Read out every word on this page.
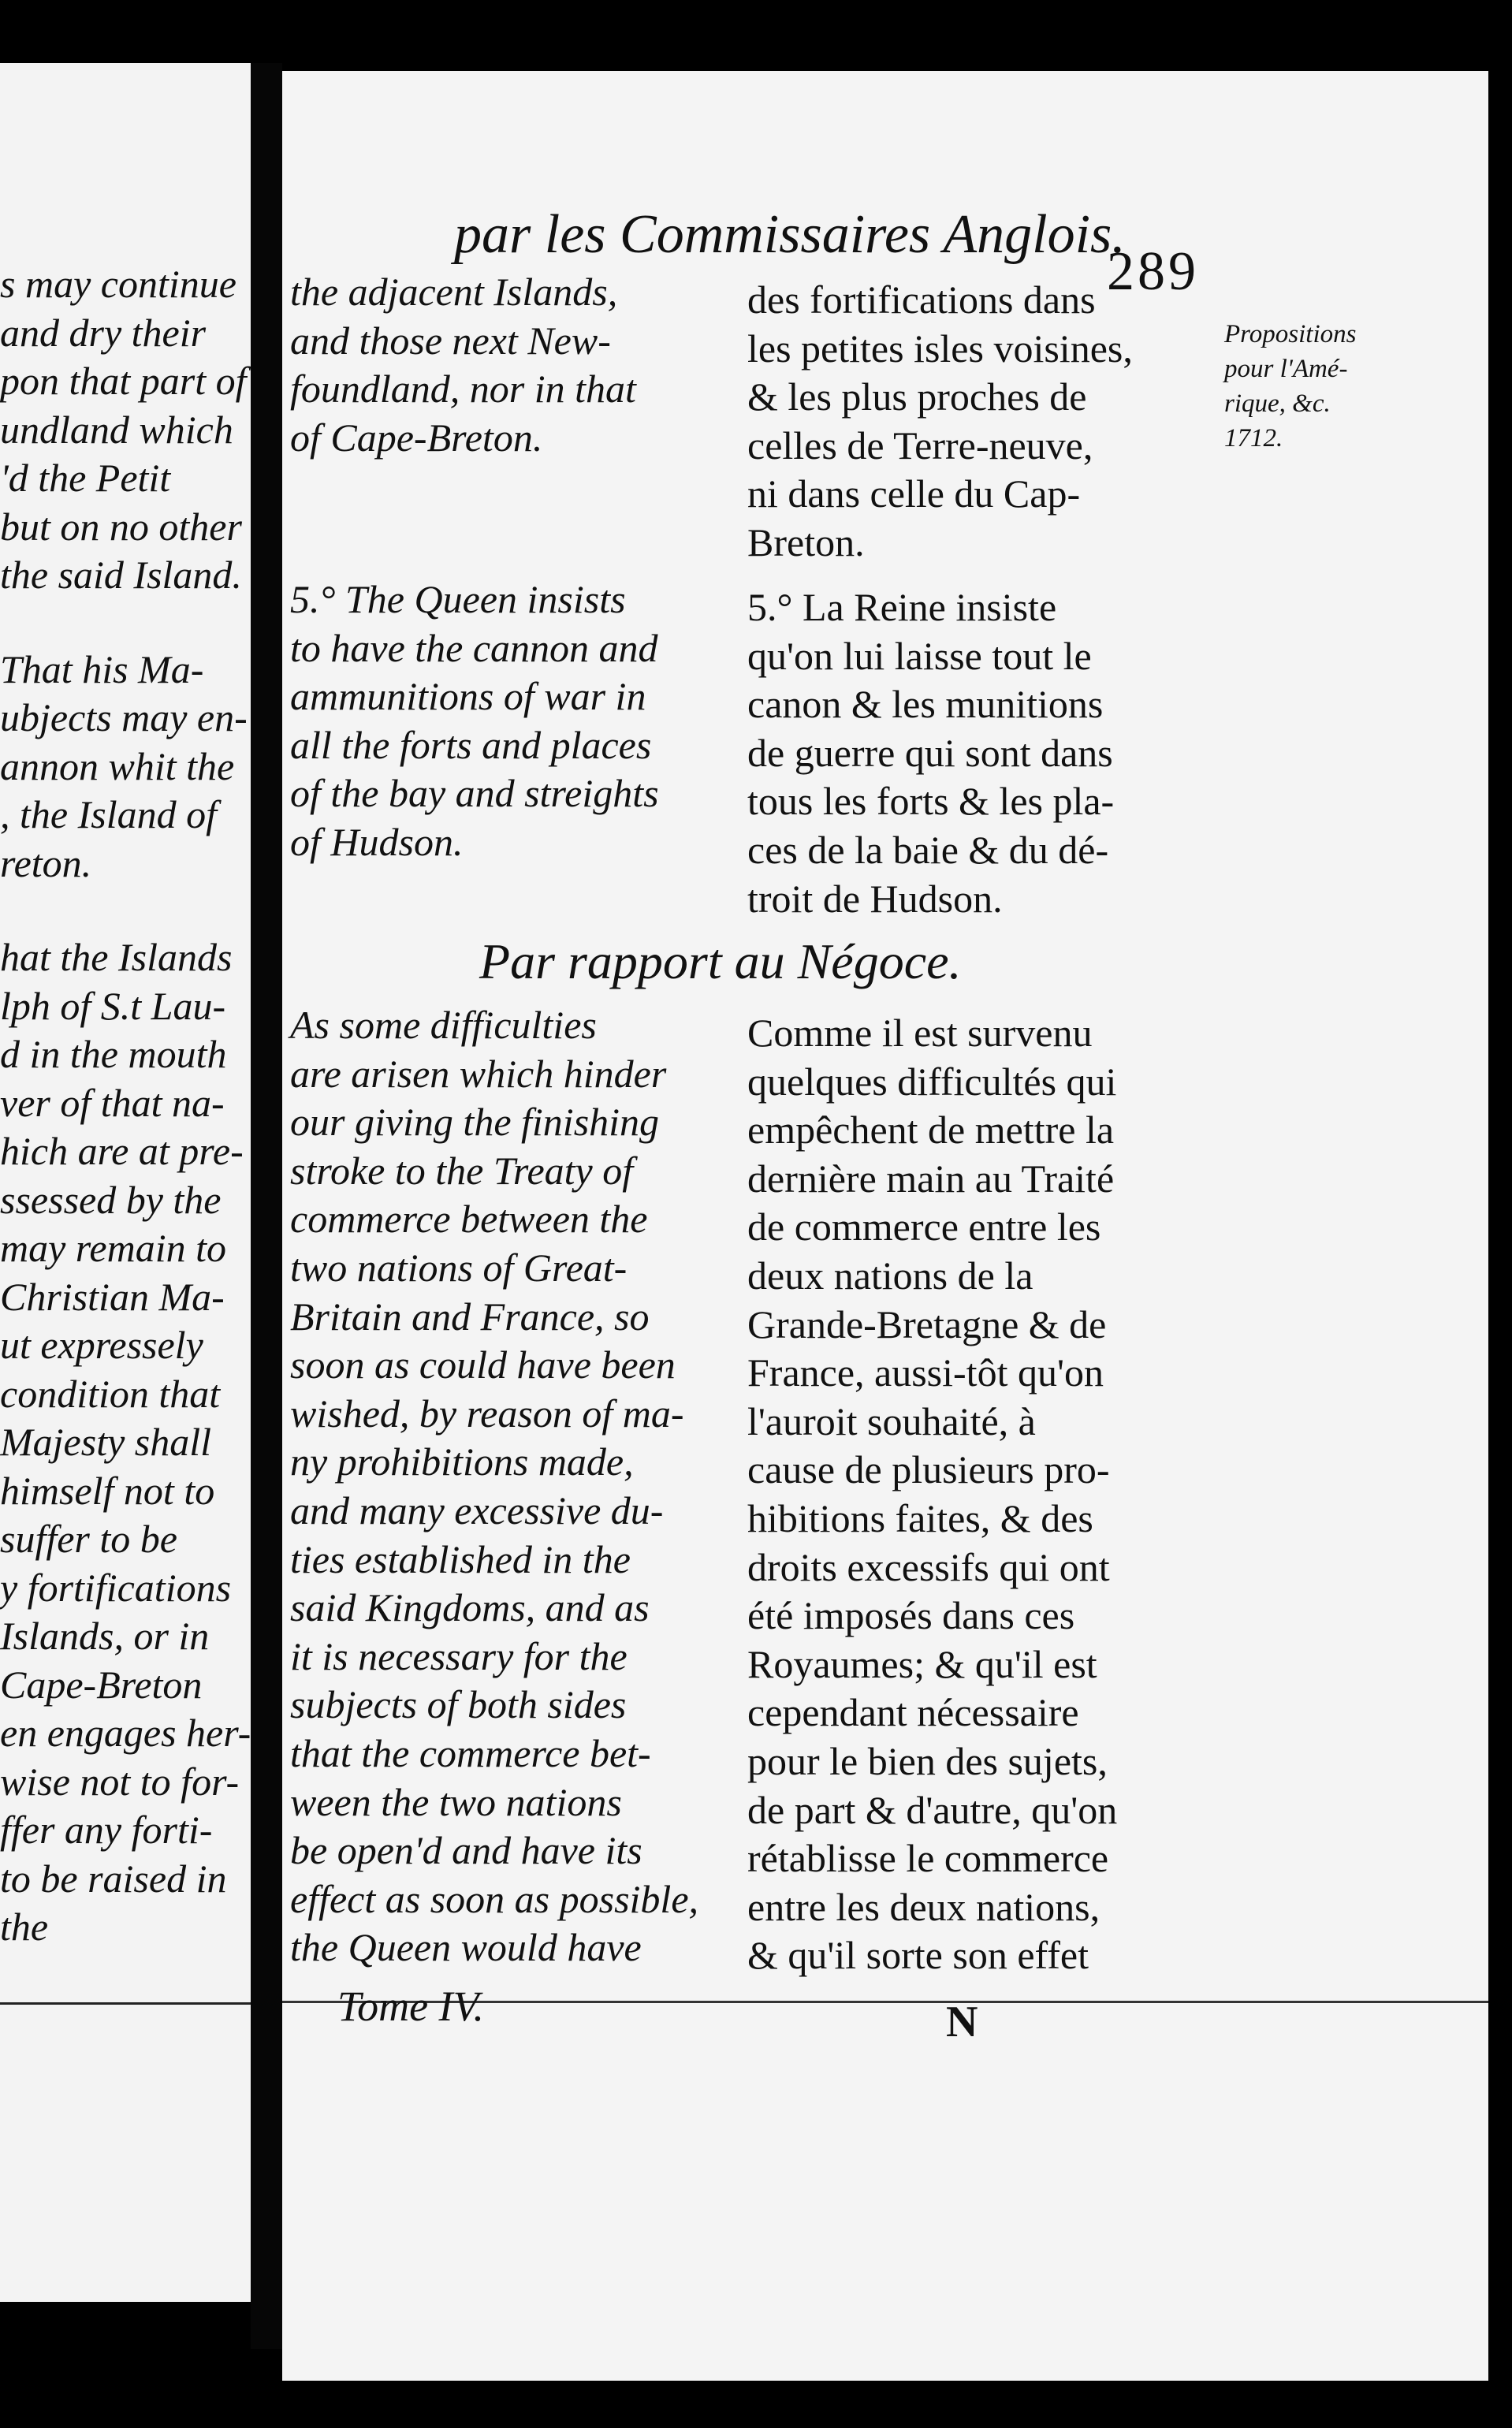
s may continue
and dry their
pon that part of
undland which
'd the Petit
but on no other
the said Island.
That his Ma-
ubjects may en-
annon whit the
, the Island of
reton.
hat the Islands
lph of S.t Lau-
d in the mouth
ver of that na-
hich are at pre-
ssessed by the
may remain to
Christian Ma-
ut expressely
condition that
Majesty shall
himself not to
suffer to be
y fortifications
Islands, or in
Cape-Breton
en engages her-
wise not to for-
ffer any forti-
to be raised in
the
par les Commissaires Anglois.
289
the adjacent Islands,
and those next New-
foundland, nor in that
of Cape-Breton.
des fortifications dans
les petites isles voisines,
& les plus proches de
celles de Terre-neuve,
ni dans celle du Cap-
Breton.
Propositions
pour l'Amé-
rique, &c.
1712.
5.° The Queen insists
to have the cannon and
ammunitions of war in
all the forts and places
of the bay and streights
of Hudson.
5.° La Reine insiste
qu'on lui laisse tout le
canon & les munitions
de guerre qui sont dans
tous les forts & les pla-
ces de la baie & du dé-
troit de Hudson.
Par rapport au Négoce.
As some difficulties
are arisen which hinder
our giving the finishing
stroke to the Treaty of
commerce between the
two nations of Great-
Britain and France, so
soon as could have been
wished, by reason of ma-
ny prohibitions made,
and many excessive du-
ties established in the
said Kingdoms, and as
it is necessary for the
subjects of both sides
that the commerce bet-
ween the two nations
be open'd and have its
effect as soon as possible,
the Queen would have
Comme il est survenu
quelques difficultés qui
empêchent de mettre la
dernière main au Traité
de commerce entre les
deux nations de la
Grande-Bretagne & de
France, aussi-tôt qu'on
l'auroit souhaité, à
cause de plusieurs pro-
hibitions faites, & des
droits excessifs qui ont
été imposés dans ces
Royaumes; & qu'il est
cependant nécessaire
pour le bien des sujets,
de part & d'autre, qu'on
rétablisse le commerce
entre les deux nations,
& qu'il sorte son effet
Tome IV.	N
